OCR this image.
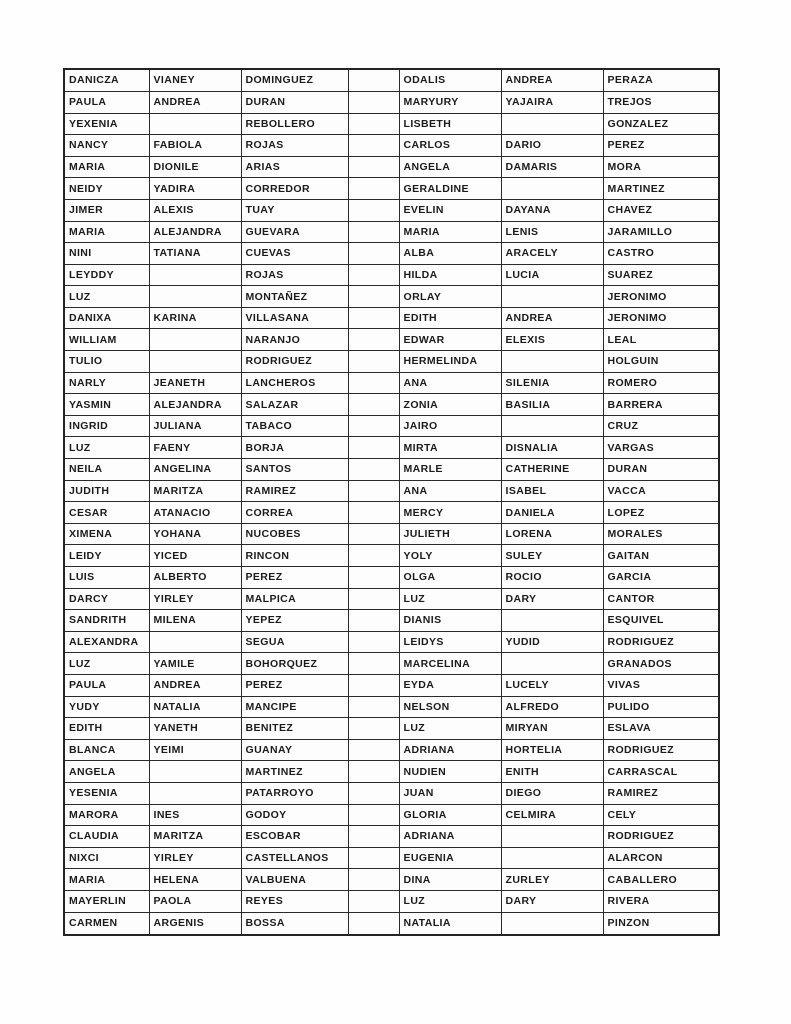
DANICZA	VIANEY	DOMINGUEZ		ODALIS	ANDREA	PERAZA
PAULA	ANDREA	DURAN		MARYURY	YAJAIRA	TREJOS
YEXENIA		REBOLLERO		LISBETH		GONZALEZ
NANCY	FABIOLA	ROJAS		CARLOS	DARIO	PEREZ
MARIA	DIONILE	ARIAS		ANGELA	DAMARIS	MORA
NEIDY	YADIRA	CORREDOR		GERALDINE		MARTINEZ
JIMER	ALEXIS	TUAY		EVELIN	DAYANA	CHAVEZ
MARIA	ALEJANDRA	GUEVARA		MARIA	LENIS	JARAMILLO
NINI	TATIANA	CUEVAS		ALBA	ARACELY	CASTRO
LEYDDY		ROJAS		HILDA	LUCIA	SUAREZ
LUZ		MONTAÑEZ		ORLAY		JERONIMO
DANIXA	KARINA	VILLASANA		EDITH	ANDREA	JERONIMO
WILLIAM		NARANJO		EDWAR	ELEXIS	LEAL
TULIO		RODRIGUEZ		HERMELINDA		HOLGUIN
NARLY	JEANETH	LANCHEROS		ANA	SILENIA	ROMERO
YASMIN	ALEJANDRA	SALAZAR		ZONIA	BASILIA	BARRERA
INGRID	JULIANA	TABACO		JAIRO		CRUZ
LUZ	FAENY	BORJA		MIRTA	DISNALIA	VARGAS
NEILA	ANGELINA	SANTOS		MARLE	CATHERINE	DURAN
JUDITH	MARITZA	RAMIREZ		ANA	ISABEL	VACCA
CESAR	ATANACIO	CORREA		MERCY	DANIELA	LOPEZ
XIMENA	YOHANA	NUCOBES		JULIETH	LORENA	MORALES
LEIDY	YICED	RINCON		YOLY	SULEY	GAITAN
LUIS	ALBERTO	PEREZ		OLGA	ROCIO	GARCIA
DARCY	YIRLEY	MALPICA		LUZ	DARY	CANTOR
SANDRITH	MILENA	YEPEZ		DIANIS		ESQUIVEL
ALEXANDRA		SEGUA		LEIDYS	YUDID	RODRIGUEZ
LUZ	YAMILE	BOHORQUEZ		MARCELINA		GRANADOS
PAULA	ANDREA	PEREZ		EYDA	LUCELY	VIVAS
YUDY	NATALIA	MANCIPE		NELSON	ALFREDO	PULIDO
EDITH	YANETH	BENITEZ		LUZ	MIRYAN	ESLAVA
BLANCA	YEIMI	GUANAY		ADRIANA	HORTELIA	RODRIGUEZ
ANGELA		MARTINEZ		NUDIEN	ENITH	CARRASCAL
YESENIA		PATARROYO		JUAN	DIEGO	RAMIREZ
MARORA	INES	GODOY		GLORIA	CELMIRA	CELY
CLAUDIA	MARITZA	ESCOBAR		ADRIANA		RODRIGUEZ
NIXCI	YIRLEY	CASTELLANOS		EUGENIA		ALARCON
MARIA	HELENA	VALBUENA		DINA	ZURLEY	CABALLERO
MAYERLIN	PAOLA	REYES		LUZ	DARY	RIVERA
CARMEN	ARGENIS	BOSSA		NATALIA		PINZON
